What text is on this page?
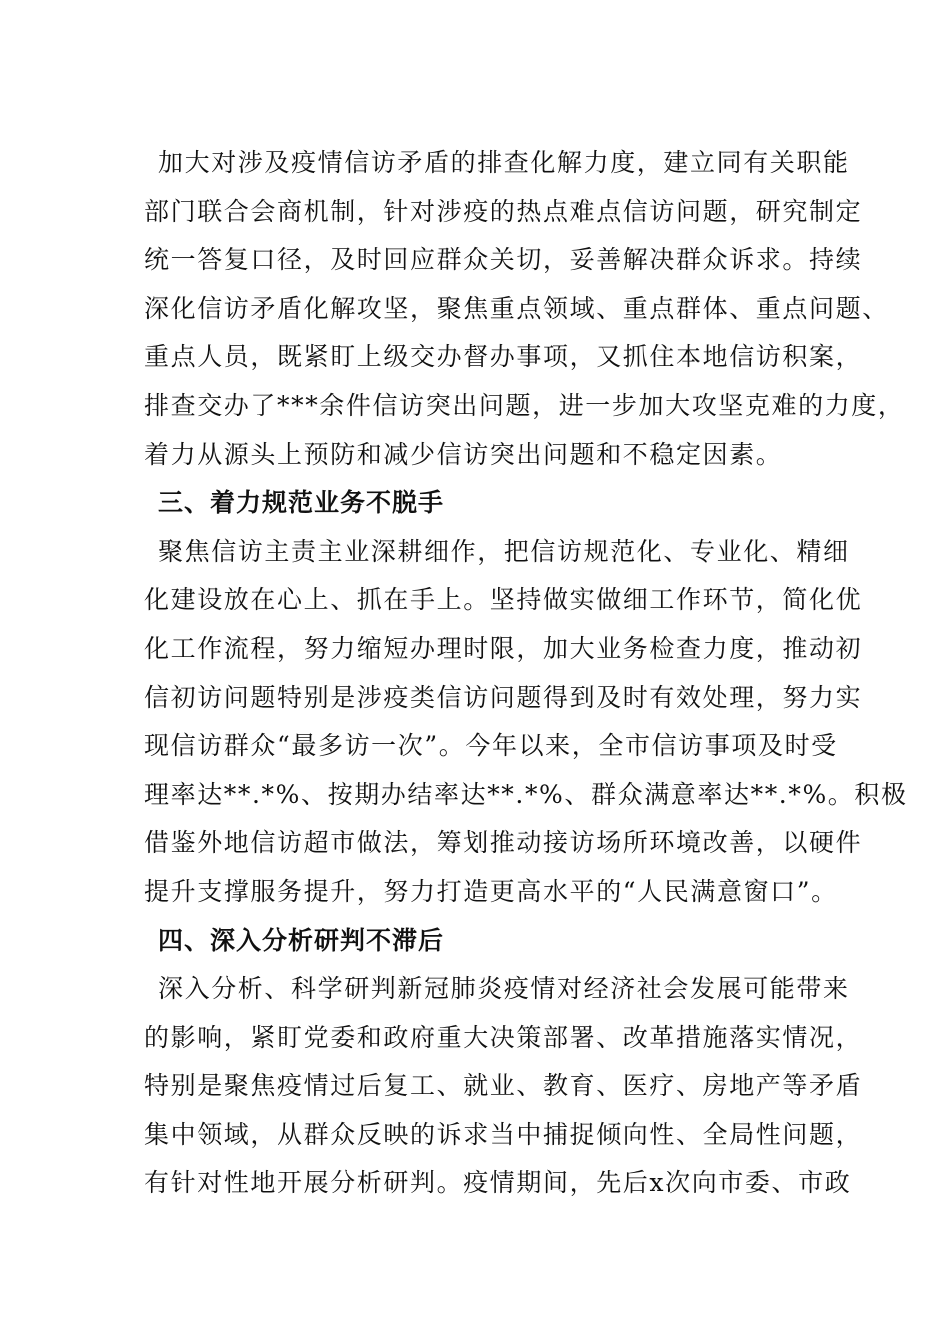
加大对涉及疫情信访矛盾的排查化解力度，建立同有关职能
部门联合会商机制，针对涉疫的热点难点信访问题，研究制定
统一答复口径，及时回应群众关切，妥善解决群众诉求。持续
深化信访矛盾化解攻坚，聚焦重点领域、重点群体、重点问题、
重点人员，既紧盯上级交办督办事项，又抓住本地信访积案，
排查交办了***余件信访突出问题，进一步加大攻坚克难的力度，
着力从源头上预防和减少信访突出问题和不稳定因素。
三、着力规范业务不脱手
聚焦信访主责主业深耕细作，把信访规范化、专业化、精细
化建设放在心上、抓在手上。坚持做实做细工作环节，简化优
化工作流程，努力缩短办理时限，加大业务检查力度，推动初
信初访问题特别是涉疫类信访问题得到及时有效处理，努力实
现信访群众“最多访一次”。今年以来，全市信访事项及时受
理率达**.*%、按期办结率达**.*%、群众满意率达**.*%。积极
借鉴外地信访超市做法，筹划推动接访场所环境改善，以硬件
提升支撑服务提升，努力打造更高水平的“人民满意窗口”。
四、深入分析研判不滞后
深入分析、科学研判新冠肺炎疫情对经济社会发展可能带来
的影响，紧盯党委和政府重大决策部署、改革措施落实情况，
特别是聚焦疫情过后复工、就业、教育、医疗、房地产等矛盾
集中领域，从群众反映的诉求当中捕捉倾向性、全局性问题，
有针对性地开展分析研判。疫情期间，先后x次向市委、市政
